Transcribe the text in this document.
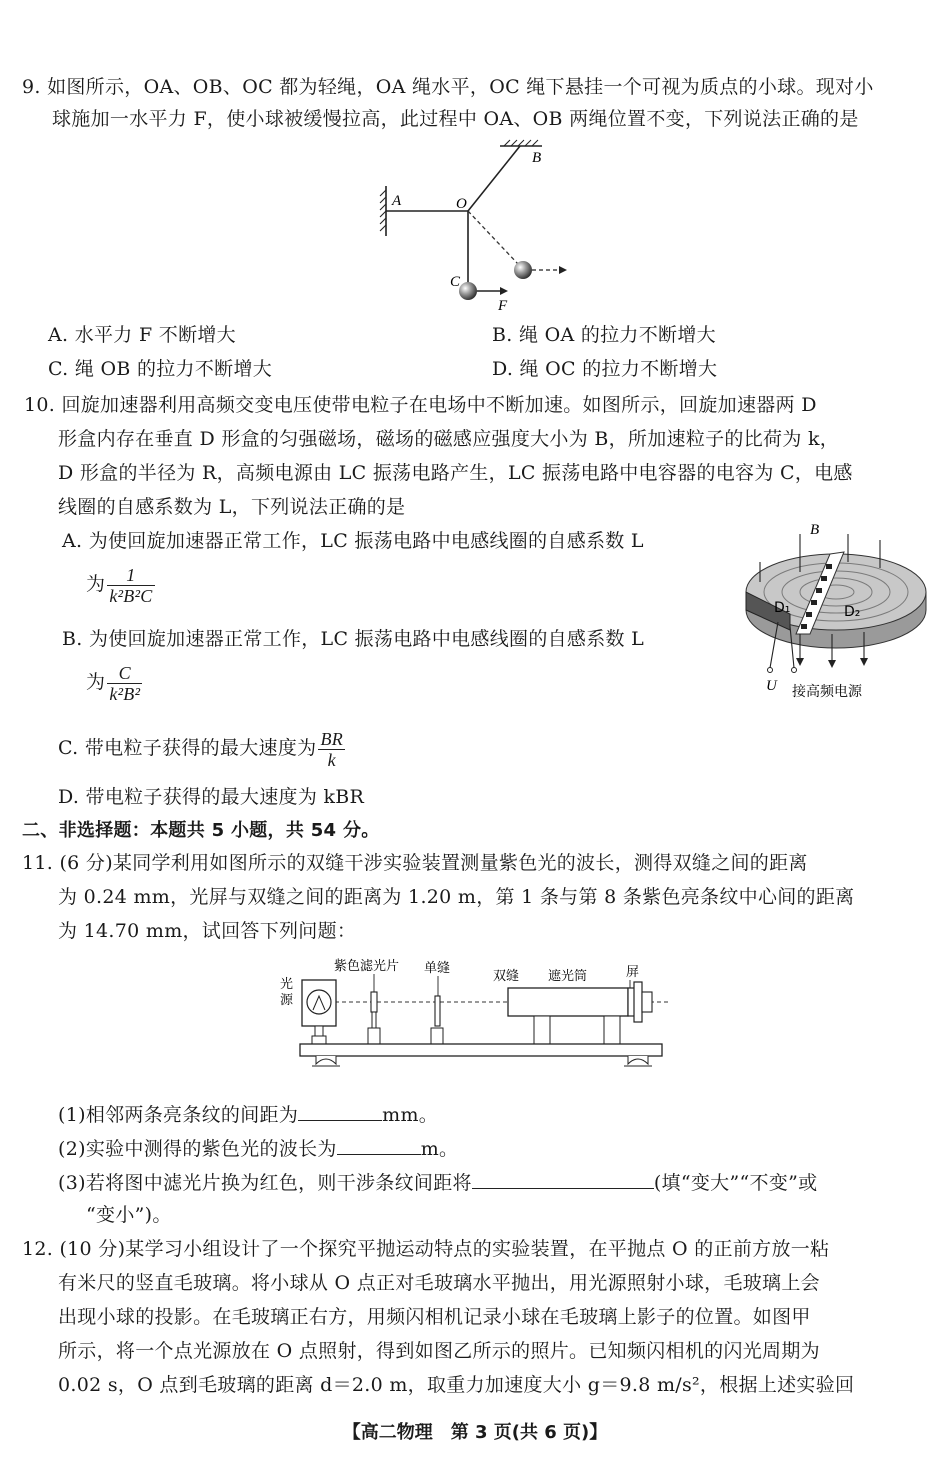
9. 如图所示，OA、OB、OC 都为轻绳，OA 绳水平，OC 绳下悬挂一个可视为质点的小球。现对小
球施加一水平力 F，使小球被缓慢拉高，此过程中 OA、OB 两绳位置不变，下列说法正确的是
A
B
O
C
F
A. 水平力 F 不断增大	B. 绳 OA 的拉力不断增大
C. 绳 OB 的拉力不断增大	D. 绳 OC 的拉力不断增大
10. 回旋加速器利用高频交变电压使带电粒子在电场中不断加速。如图所示，回旋加速器两 D
形盒内存在垂直 D 形盒的匀强磁场，磁场的磁感应强度大小为 B，所加速粒子的比荷为 k，
D 形盒的半径为 R，高频电源由 LC 振荡电路产生，LC 振荡电路中电容器的电容为 C，电感
线圈的自感系数为 L，下列说法正确的是
A. 为使回旋加速器正常工作，LC 振荡电路中电感线圈的自感系数 L
为 $\frac{1}{\text{k²B²C}}$
B. 为使回旋加速器正常工作，LC 振荡电路中电感线圈的自感系数 L
为 $\frac{C}{\text{k²B²}}$
C. 带电粒子获得的最大速度为 $\frac{BR}{k}$
D. 带电粒子获得的最大速度为 kBR
B
D₁	D₂
U 接高频电源
二、非选择题：本题共 5 小题，共 54 分。
11. (6 分)某同学利用如图所示的双缝干涉实验装置测量紫色光的波长，测得双缝之间的距离
为 0.24 mm，光屏与双缝之间的距离为 1.20 m，第 1 条与第 8 条紫色亮条纹中心间的距离
为 14.70 mm，试回答下列问题：
光
源
紫色滤光片 单缝
双缝 遮光筒	屏
(1)相邻两条亮条纹的间距为	mm。
(2)实验中测得的紫色光的波长为	m。
(3)若将图中滤光片换为红色，则干涉条纹间距将	(填“变大”“不变”或
“变小”)。
12. (10 分)某学习小组设计了一个探究平抛运动特点的实验装置，在平抛点 O 的正前方放一粘
有米尺的竖直毛玻璃。将小球从 O 点正对毛玻璃水平抛出，用光源照射小球，毛玻璃上会
出现小球的投影。在毛玻璃正右方，用频闪相机记录小球在毛玻璃上影子的位置。如图甲
所示，将一个点光源放在 O 点照射，得到如图乙所示的照片。已知频闪相机的闪光周期为
0.02 s，O 点到毛玻璃的距离 d＝2.0 m，取重力加速度大小 g＝9.8 m/s²，根据上述实验回
【高二物理　第 3 页(共 6 页)】
